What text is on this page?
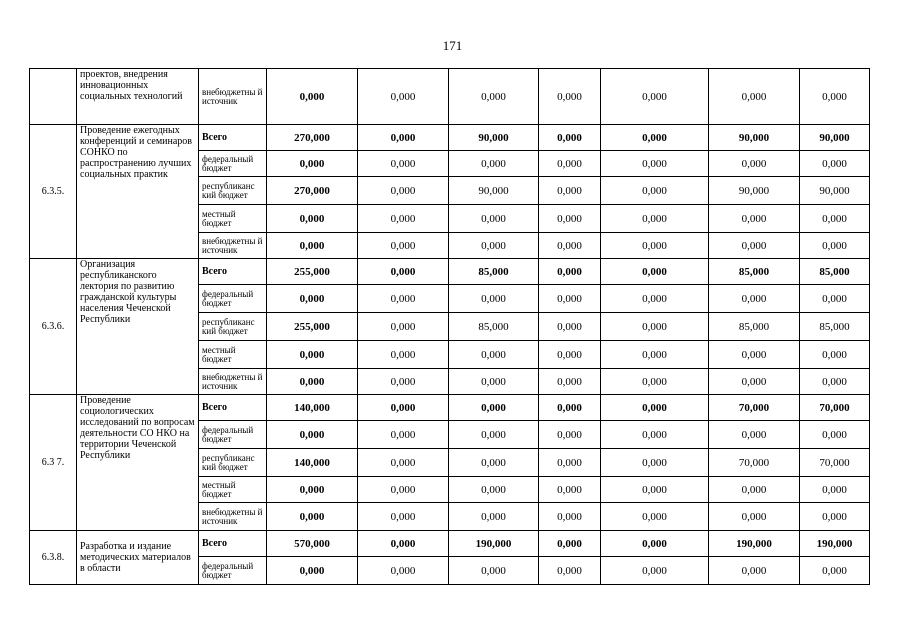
171
	проектов, внедрения инновационных социальных технологий	внебюджетны й источник	0,000	0,000	0,000	0,000	0,000	0,000	0,000
6.3.5.	Проведение ежегодных конференций и семинаров СОНКО по распространению лучших социальных практик	Всего	270,000	0,000	90,000	0,000	0,000	90,000	90,000
		федеральный бюджет	0,000	0,000	0,000	0,000	0,000	0,000	0,000
		республиканс кий бюджет	270,000	0,000	90,000	0,000	0,000	90,000	90,000
		местный бюджет	0,000	0,000	0,000	0,000	0,000	0,000	0,000
		внебюджетны й источник	0,000	0,000	0,000	0,000	0,000	0,000	0,000
6.3.6.	Организация республиканского лектория по развитию гражданской культуры населения Чеченской Республики	Всего	255,000	0,000	85,000	0,000	0,000	85,000	85,000
		федеральный бюджет	0,000	0,000	0,000	0,000	0,000	0,000	0,000
		республиканс кий бюджет	255,000	0,000	85,000	0,000	0,000	85,000	85,000
		местный бюджет	0,000	0,000	0,000	0,000	0,000	0,000	0,000
		внебюджетны й источник	0,000	0,000	0,000	0,000	0,000	0,000	0,000
6.3 7.	Проведение социологических исследований по вопросам деятельности СО НКО на территории Чеченской Республики	Всего	140,000	0,000	0,000	0,000	0,000	70,000	70,000
		федеральный бюджет	0,000	0,000	0,000	0,000	0,000	0,000	0,000
		республиканс кий бюджет	140,000	0,000	0,000	0,000	0,000	70,000	70,000
		местный бюджет	0,000	0,000	0,000	0,000	0,000	0,000	0,000
		внебюджетны й источник	0,000	0,000	0,000	0,000	0,000	0,000	0,000
6.3.8.	Разработка и издание методических материалов в области	Всего	570,000	0,000	190,000	0,000	0,000	190,000	190,000
		федеральный бюджет	0,000	0,000	0,000	0,000	0,000	0,000	0,000
